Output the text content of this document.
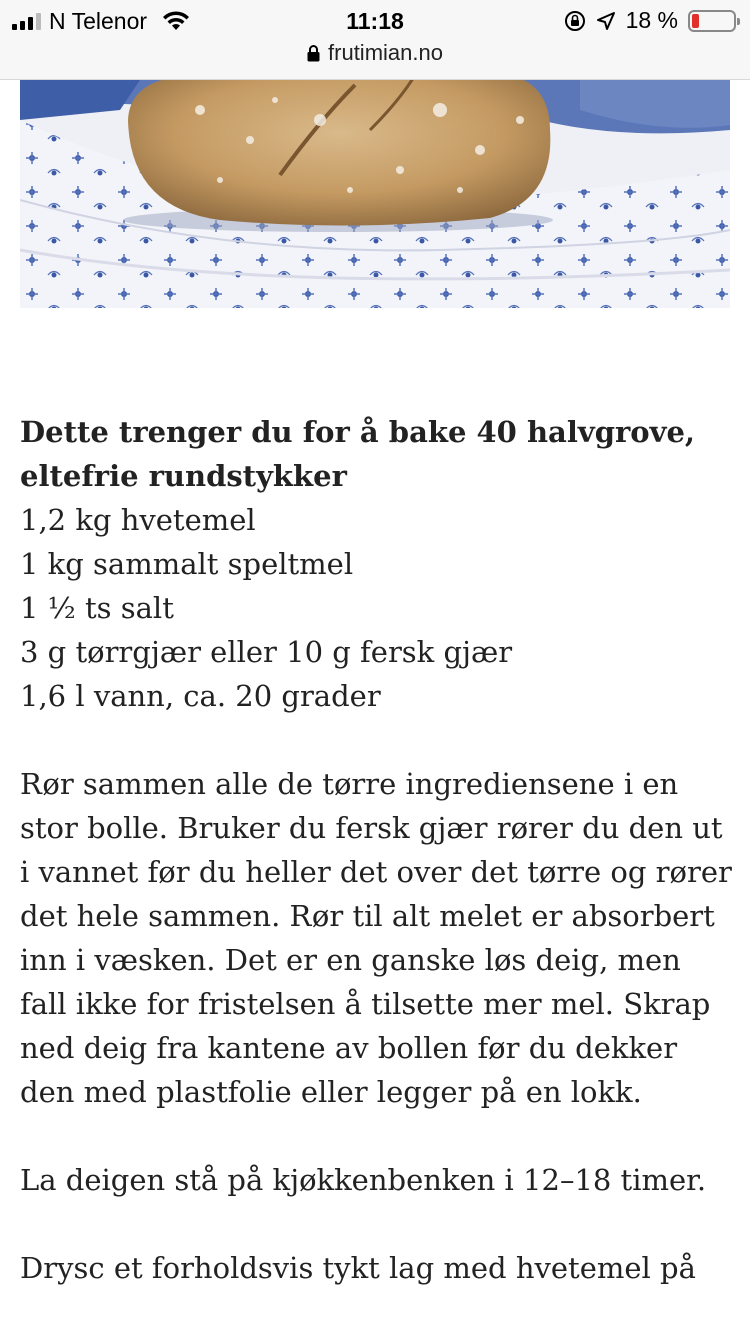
N Telenor	11:18	18 %
frutimian.no
Dette trenger du for å bake 40 halvgrove, eltefrie rundstykker
1,2 kg hvetemel
1 kg sammalt speltmel
1 ½ ts salt
3 g tørrgjær eller 10 g fersk gjær
1,6 l vann, ca. 20 grader

Rør sammen alle de tørre ingrediensene i en stor bolle. Bruker du fersk gjær rører du den ut i vannet før du heller det over det tørre og rører det hele sammen. Rør til alt melet er absorbert inn i væsken. Det er en ganske løs deig, men fall ikke for fristelsen å tilsette mer mel. Skrap ned deig fra kantene av bollen før du dekker den med plastfolie eller legger på en lokk.

La deigen stå på kjøkkenbenken i 12–18 timer.

Drysс et forholdsvis tykt lag med hvetemel på
